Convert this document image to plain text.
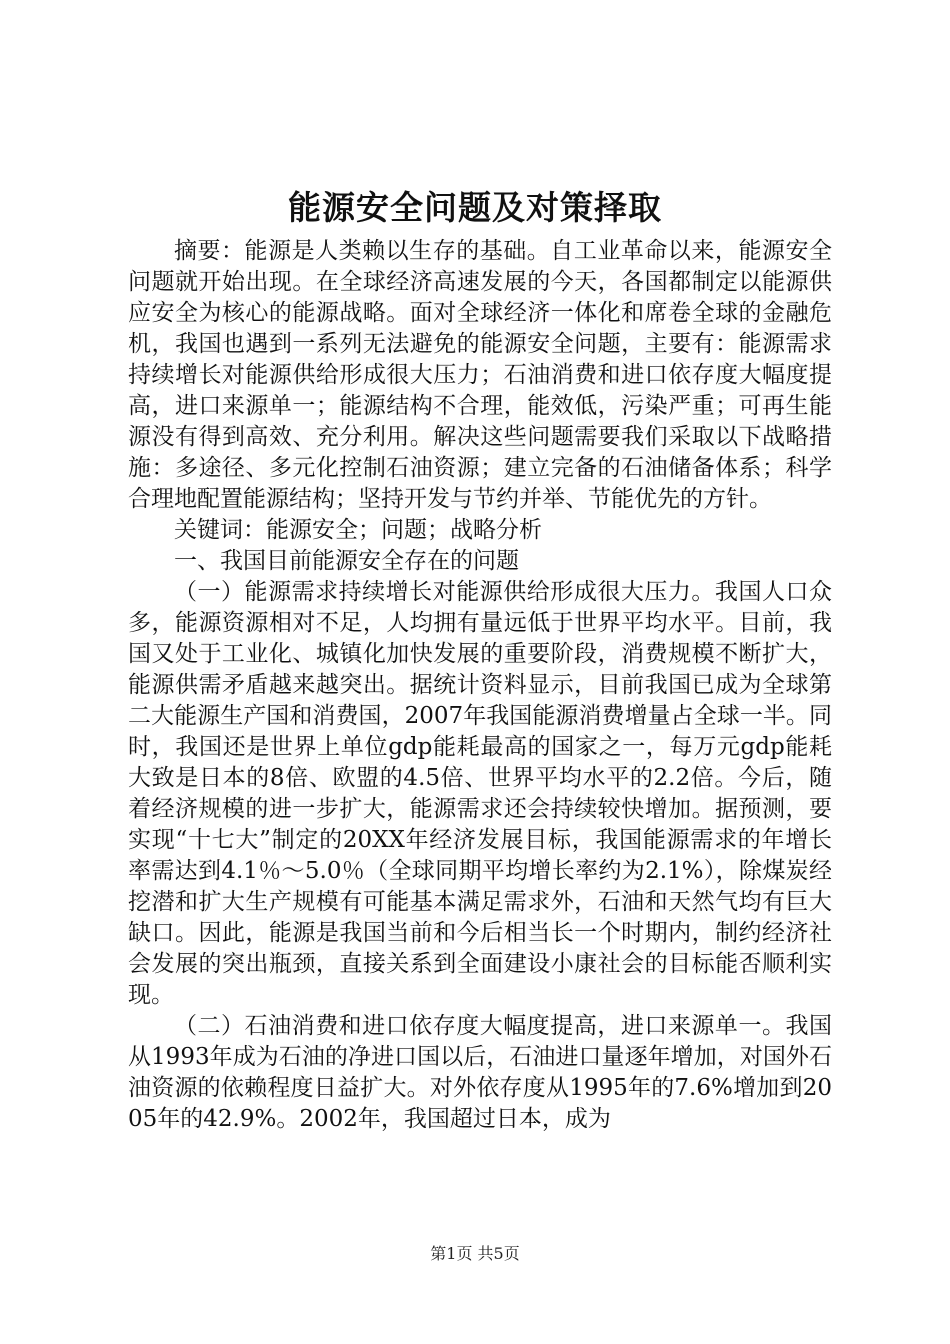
能源安全问题及对策择取

摘要：能源是人类赖以生存的基础。自工业革命以来，能源安全问题就开始出现。在全球经济高速发展的今天，各国都制定以能源供应安全为核心的能源战略。面对全球经济一体化和席卷全球的金融危机，我国也遇到一系列无法避免的能源安全问题，主要有：能源需求持续增长对能源供给形成很大压力；石油消费和进口依存度大幅度提高，进口来源单一；能源结构不合理，能效低，污染严重；可再生能源没有得到高效、充分利用。解决这些问题需要我们采取以下战略措施：多途径、多元化控制石油资源；建立完备的石油储备体系；科学合理地配置能源结构；坚持开发与节约并举、节能优先的方针。

关键词：能源安全；问题；战略分析

一、我国目前能源安全存在的问题

（一）能源需求持续增长对能源供给形成很大压力。我国人口众多，能源资源相对不足，人均拥有量远低于世界平均水平。目前，我国又处于工业化、城镇化加快发展的重要阶段，消费规模不断扩大，能源供需矛盾越来越突出。据统计资料显示，目前我国已成为全球第二大能源生产国和消费国，2007年我国能源消费增量占全球一半。同时，我国还是世界上单位gdp能耗最高的国家之一，每万元gdp能耗大致是日本的8倍、欧盟的4.5倍、世界平均水平的2.2倍。今后，随着经济规模的进一步扩大，能源需求还会持续较快增加。据预测，要实现“十七大”制定的20XX年经济发展目标，我国能源需求的年增长率需达到4.1％～5.0％（全球同期平均增长率约为2.1%），除煤炭经挖潜和扩大生产规模有可能基本满足需求外，石油和天然气均有巨大缺口。因此，能源是我国当前和今后相当长一个时期内，制约经济社会发展的突出瓶颈，直接关系到全面建设小康社会的目标能否顺利实现。

（二）石油消费和进口依存度大幅度提高，进口来源单一。我国从1993年成为石油的净进口国以后，石油进口量逐年增加，对国外石油资源的依赖程度日益扩大。对外依存度从1995年的7.6%增加到2005年的42.9%。2002年，我国超过日本，成为

第1页 共5页
